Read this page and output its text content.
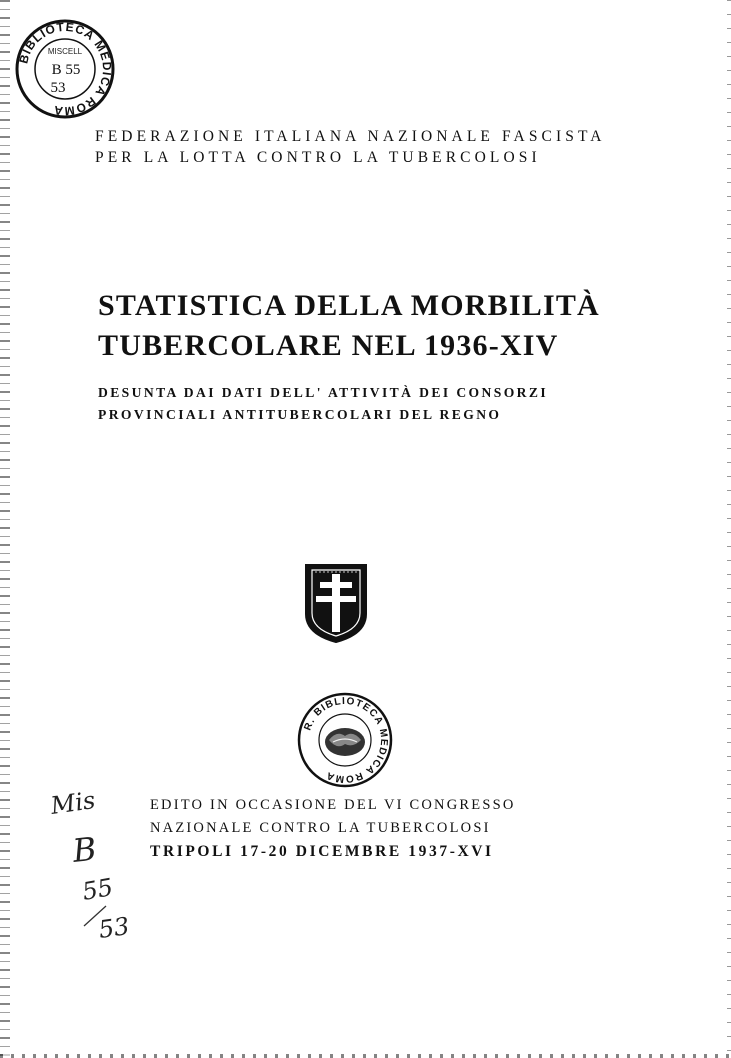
BIBLIOTECA MEDICA ROMA
MISCELL
B 55
53
FEDERAZIONE ITALIANA NAZIONALE FASCISTA
PER LA LOTTA CONTRO LA TUBERCOLOSI
STATISTICA DELLA MORBILITÀ
TUBERCOLARE NEL 1936-XIV
DESUNTA DAI DATI DELL' ATTIVITÀ DEI CONSORZI
PROVINCIALI ANTITUBERCOLARI DEL REGNO
R. BIBLIOTECA MEDICA ROMA
EDITO IN OCCASIONE DEL VI CONGRESSO
NAZIONALE CONTRO LA TUBERCOLOSI
TRIPOLI 17-20 DICEMBRE 1937-XVI
Mis
B
55
53
